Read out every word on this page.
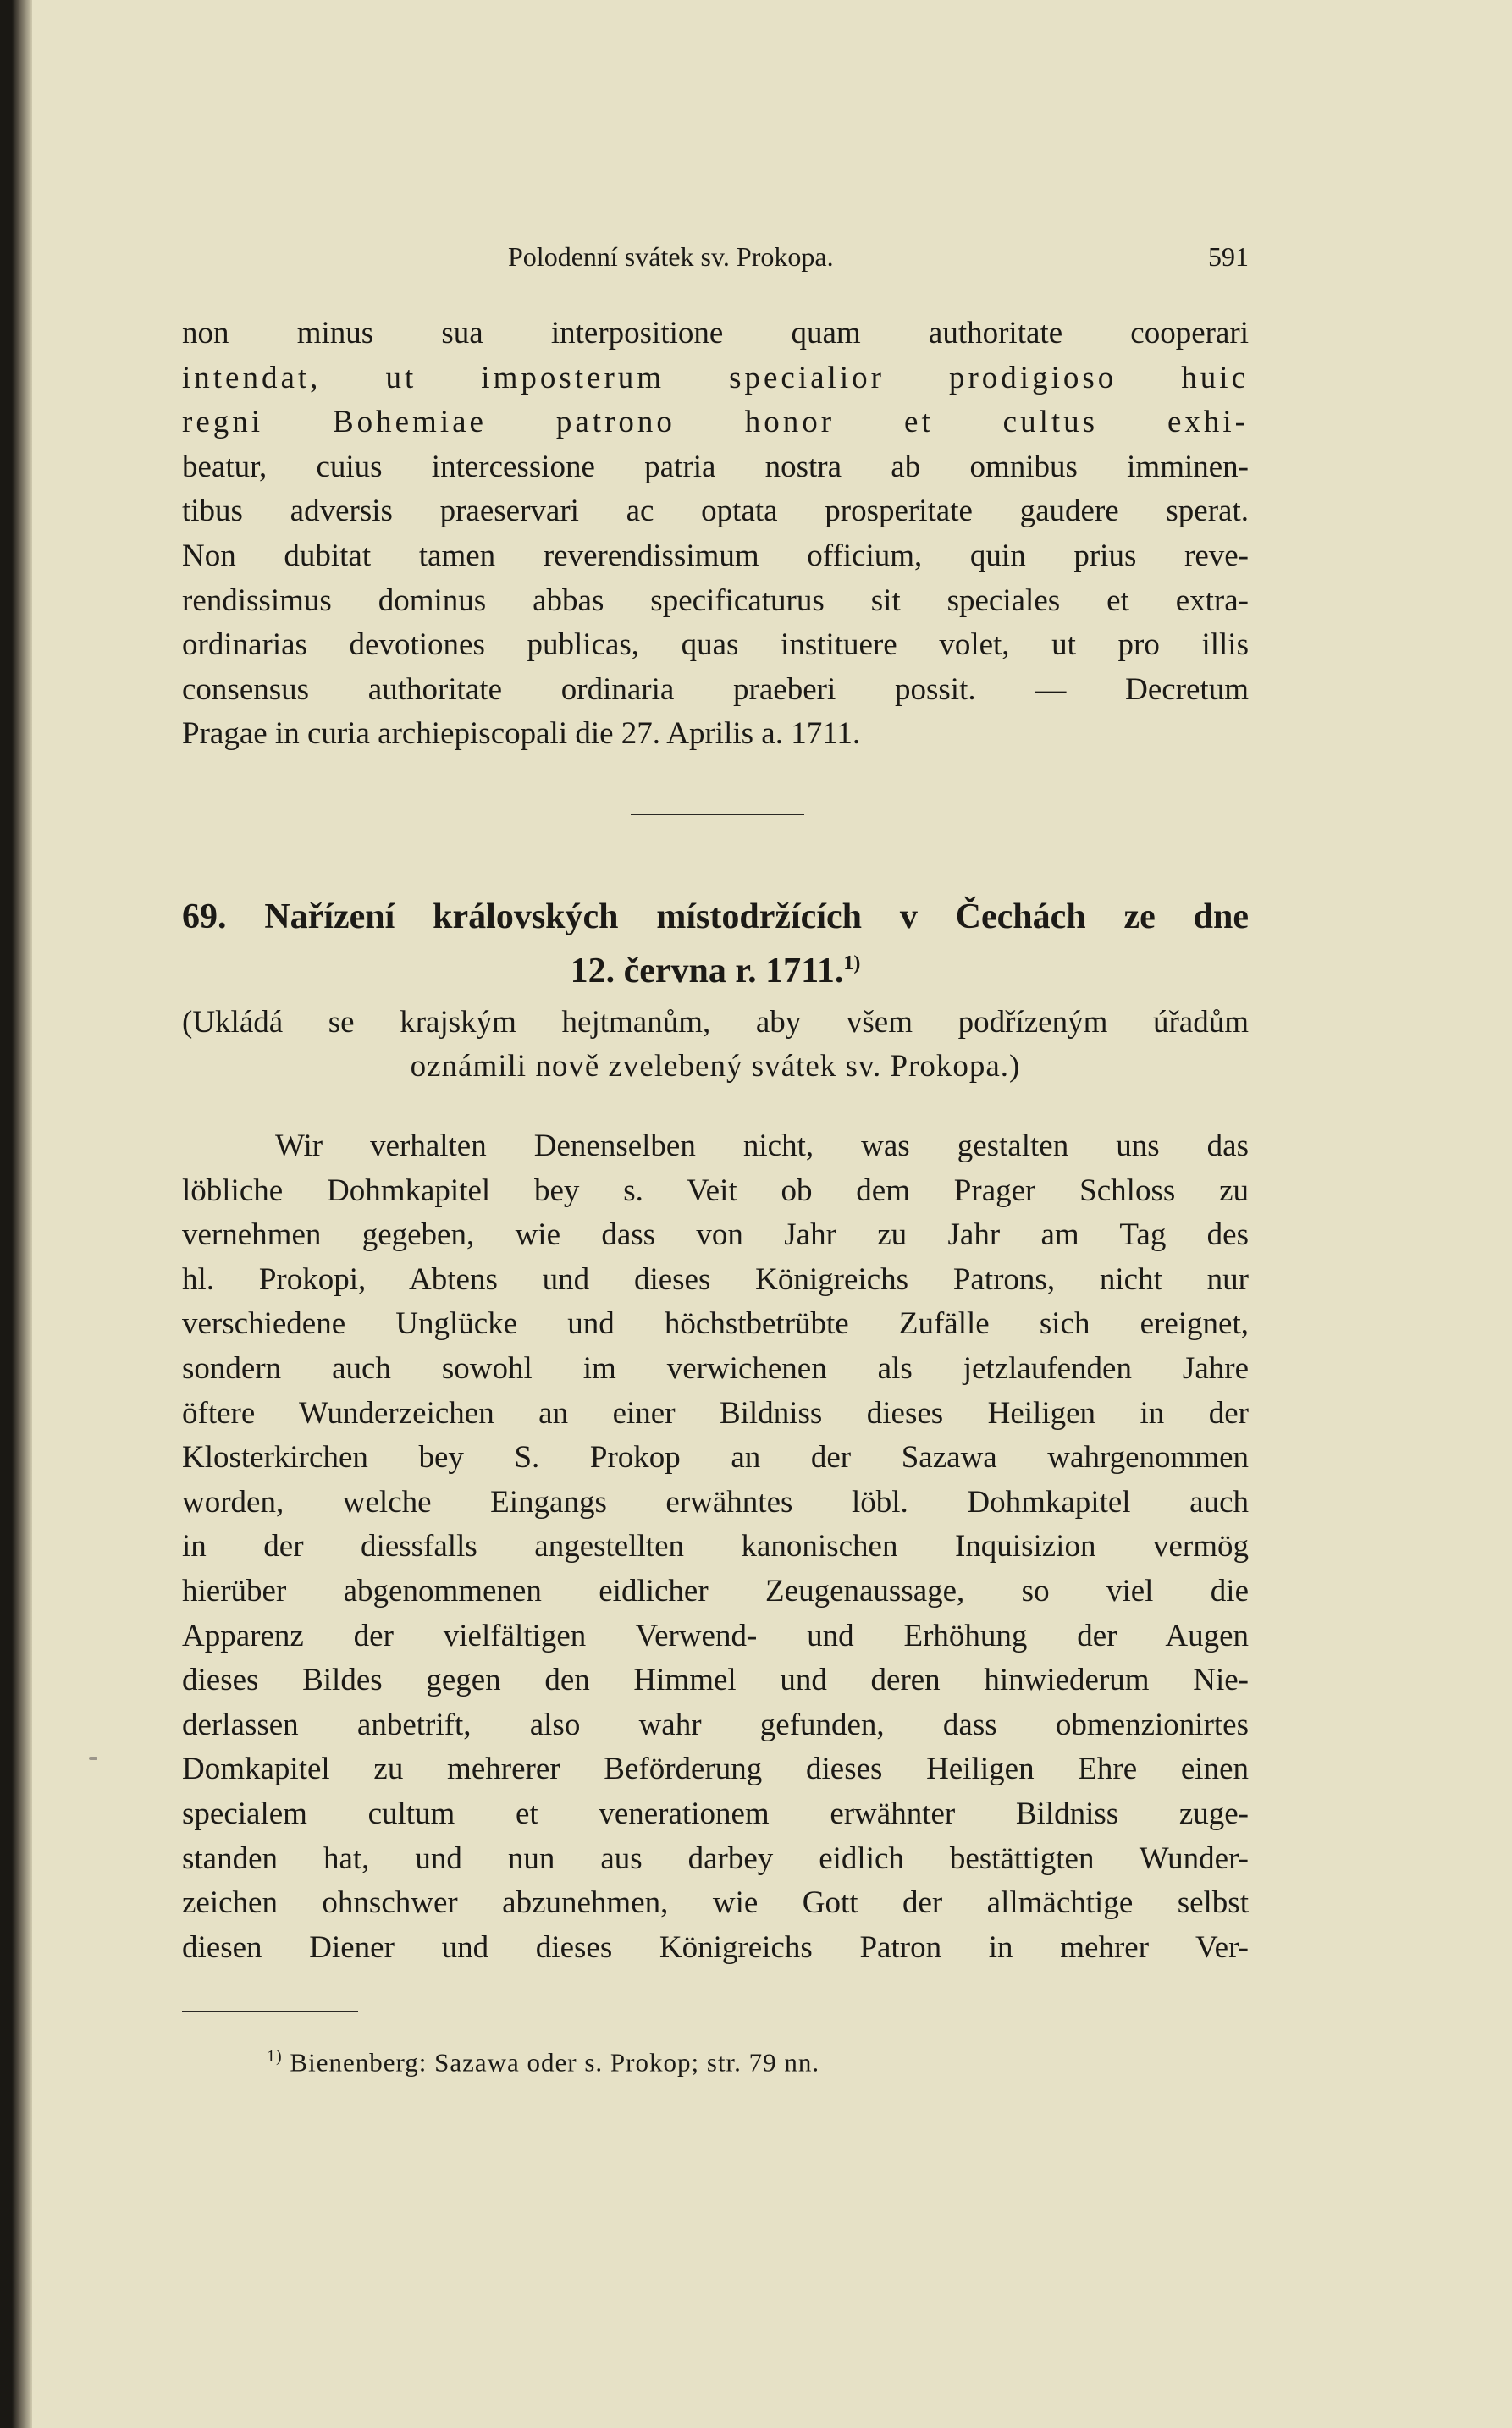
Polodenní svátek sv. Prokopa.	591
non minus sua interpositione quam authoritate cooperari
intendat, ut imposterum specialior prodigioso huic
regni Bohemiae patrono honor et cultus exhi-
beatur, cuius intercessione patria nostra ab omnibus imminen-
tibus adversis praeservari ac optata prosperitate gaudere sperat.
Non dubitat tamen reverendissimum officium, quin prius reve-
rendissimus dominus abbas specificaturus sit speciales et extra-
ordinarias devotiones publicas, quas instituere volet, ut pro illis
consensus authoritate ordinaria praeberi possit. — Decretum
Pragae in curia archiepiscopali die 27. Aprilis a. 1711.
69. Nařízení královských místodržících v Čechách ze dne
12. června r. 1711.$^{1)}$
(Ukládá se krajským hejtmanům, aby všem podřízeným úřadům
oznámili nově zvelebený svátek sv. Prokopa.)
Wir verhalten Denenselben nicht, was gestalten uns das
löbliche Dohmkapitel bey s. Veit ob dem Prager Schloss zu
vernehmen gegeben, wie dass von Jahr zu Jahr am Tag des
hl. Prokopi, Abtens und dieses Königreichs Patrons, nicht nur
verschiedene Unglücke und höchstbetrübte Zufälle sich ereignet,
sondern auch sowohl im verwichenen als jetzlaufenden Jahre
öftere Wunderzeichen an einer Bildniss dieses Heiligen in der
Klosterkirchen bey S. Prokop an der Sazawa wahrgenommen
worden, welche Eingangs erwähntes löbl. Dohmkapitel auch
in der diessfalls angestellten kanonischen Inquisizion vermög
hierüber abgenommenen eidlicher Zeugenaussage, so viel die
Apparenz der vielfältigen Verwend- und Erhöhung der Augen
dieses Bildes gegen den Himmel und deren hinwiederum Nie-
derlassen anbetrift, also wahr gefunden, dass obmenzionirtes
Domkapitel zu mehrerer Beförderung dieses Heiligen Ehre einen
specialem cultum et venerationem erwähnter Bildniss zuge-
standen hat, und nun aus darbey eidlich bestättigten Wunder-
zeichen ohnschwer abzunehmen, wie Gott der allmächtige selbst
diesen Diener und dieses Königreichs Patron in mehrer Ver-
$^{1)}$ Bienenberg: Sazawa oder s. Prokop; str. 79 nn.
